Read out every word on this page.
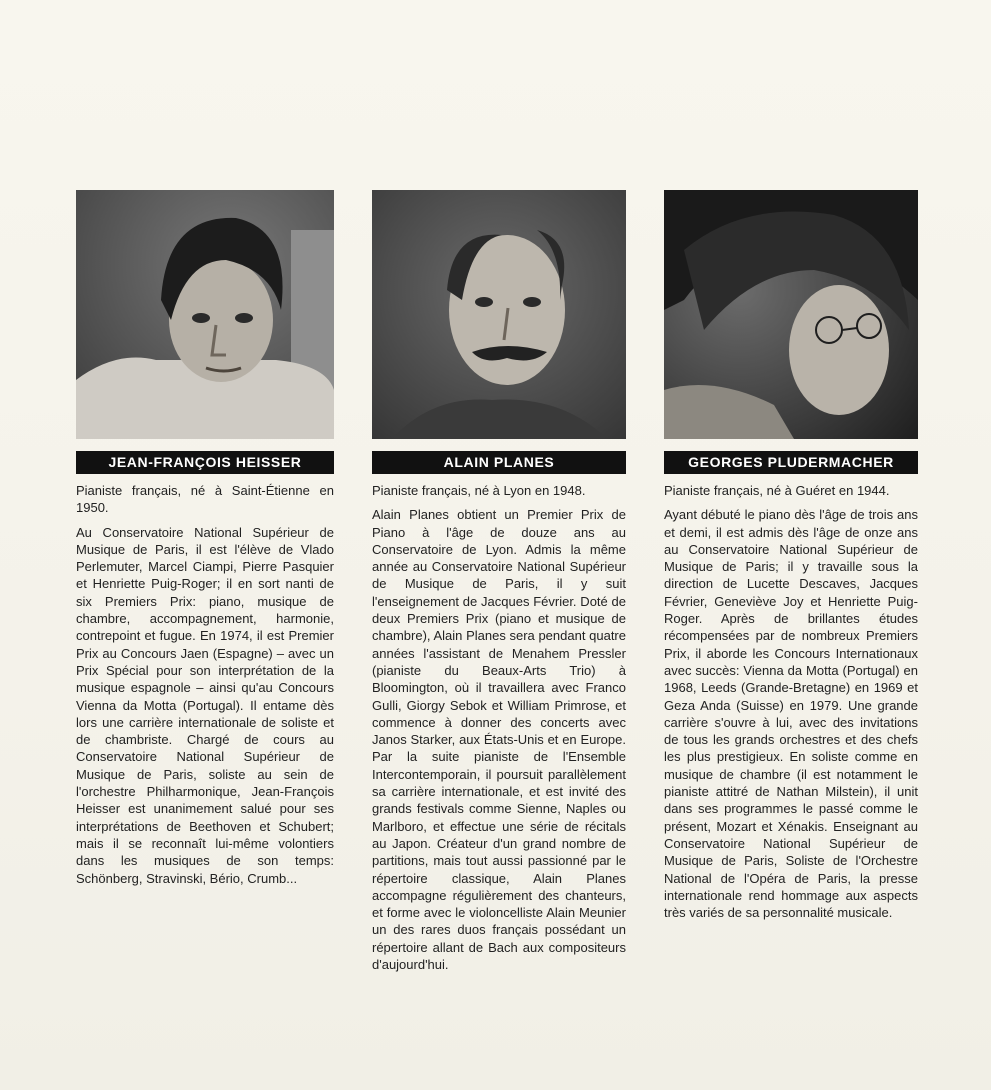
JEAN-FRANÇOIS HEISSER

Pianiste français, né à Saint-Étienne en 1950.

Au Conservatoire National Supérieur de Musique de Paris, il est l'élève de Vlado Perlemuter, Marcel Ciampi, Pierre Pasquier et Henriette Puig-Roger; il en sort nanti de six Premiers Prix: piano, musique de chambre, accompagnement, harmonie, contrepoint et fugue. En 1974, il est Premier Prix au Concours Jaen (Espagne) – avec un Prix Spécial pour son interprétation de la musique espagnole – ainsi qu'au Concours Vienna da Motta (Portugal). Il entame dès lors une carrière internationale de soliste et de chambriste. Chargé de cours au Conservatoire National Supérieur de Musique de Paris, soliste au sein de l'orchestre Philharmonique, Jean-François Heisser est unanimement salué pour ses interprétations de Beethoven et Schubert; mais il se reconnaît lui-même volontiers dans les musiques de son temps: Schönberg, Stravinski, Bério, Crumb...

ALAIN PLANES

Pianiste français, né à Lyon en 1948.

Alain Planes obtient un Premier Prix de Piano à l'âge de douze ans au Conservatoire de Lyon. Admis la même année au Conservatoire National Supérieur de Musique de Paris, il y suit l'enseignement de Jacques Février. Doté de deux Premiers Prix (piano et musique de chambre), Alain Planes sera pendant quatre années l'assistant de Menahem Pressler (pianiste du Beaux-Arts Trio) à Bloomington, où il travaillera avec Franco Gulli, Giorgy Sebok et William Primrose, et commence à donner des concerts avec Janos Starker, aux États-Unis et en Europe. Par la suite pianiste de l'Ensemble Intercontemporain, il poursuit parallèlement sa carrière internationale, et est invité des grands festivals comme Sienne, Naples ou Marlboro, et effectue une série de récitals au Japon. Créateur d'un grand nombre de partitions, mais tout aussi passionné par le répertoire classique, Alain Planes accompagne régulièrement des chanteurs, et forme avec le violoncelliste Alain Meunier un des rares duos français possédant un répertoire allant de Bach aux compositeurs d'aujourd'hui.

GEORGES PLUDERMACHER

Pianiste français, né à Guéret en 1944.

Ayant débuté le piano dès l'âge de trois ans et demi, il est admis dès l'âge de onze ans au Conservatoire National Supérieur de Musique de Paris; il y travaille sous la direction de Lucette Descaves, Jacques Février, Geneviève Joy et Henriette Puig-Roger. Après de brillantes études récompensées par de nombreux Premiers Prix, il aborde les Concours Internationaux avec succès: Vienna da Motta (Portugal) en 1968, Leeds (Grande-Bretagne) en 1969 et Geza Anda (Suisse) en 1979. Une grande carrière s'ouvre à lui, avec des invitations de tous les grands orchestres et des chefs les plus prestigieux. En soliste comme en musique de chambre (il est notamment le pianiste attitré de Nathan Milstein), il unit dans ses programmes le passé comme le présent, Mozart et Xénakis. Enseignant au Conservatoire National Supérieur de Musique de Paris, Soliste de l'Orchestre National de l'Opéra de Paris, la presse internationale rend hommage aux aspects très variés de sa personnalité musicale.
